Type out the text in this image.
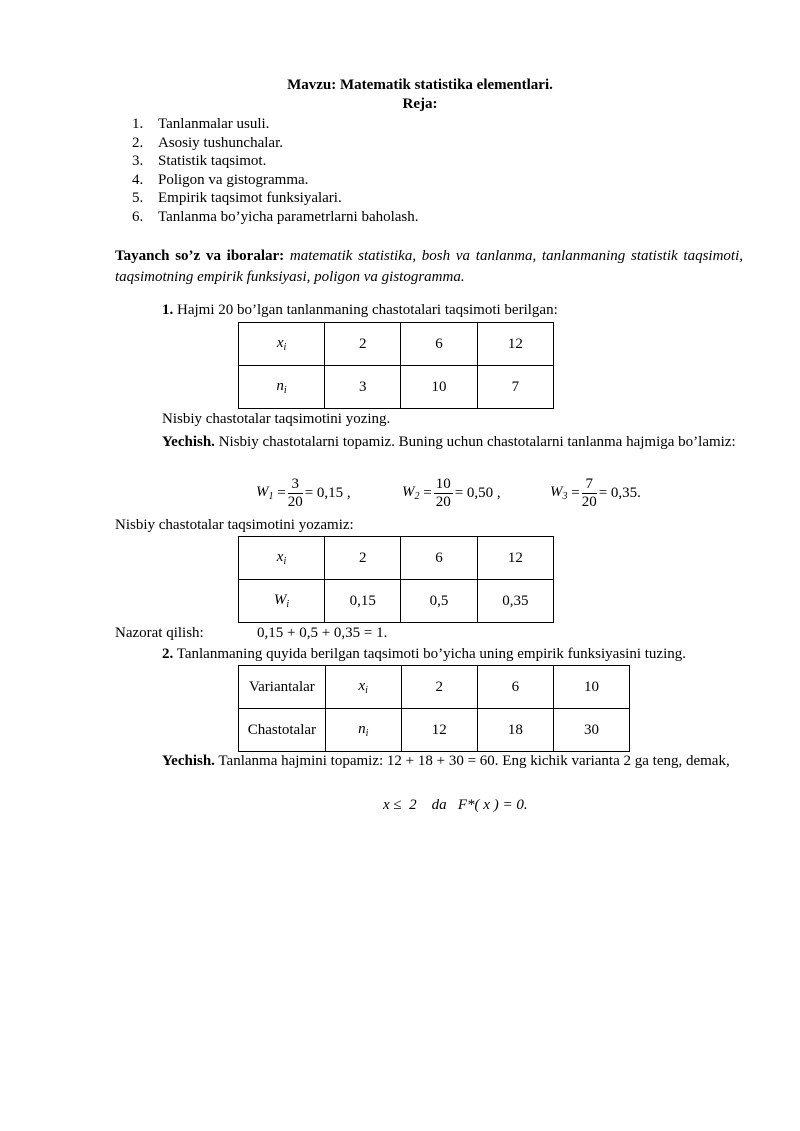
Mavzu: Matematik statistika elementlari.
Reja:
1. Tanlanmalar usuli.
2. Asosiy tushunchalar.
3. Statistik taqsimot.
4. Poligon va gistogramma.
5. Empirik taqsimot funksiyalari.
6. Tanlanma bo’yicha parametrlarni baholash.
Tayanch so’z va iboralar: matematik statistika, bosh va tanlanma, tanlanmaning statistik taqsimoti, taqsimotning empirik funksiyasi, poligon va gistogramma.
1. Hajmi 20 bo’lgan tanlanmaning chastotalari taqsimoti berilgan:
$x_i$	2	6	12
$n_i$	3	10	7
Nisbiy chastotalar taqsimotini yozing.
Yechish. Nisbiy chastotalarni topamiz. Buning uchun chastotalarni tanlanma hajmiga bo’lamiz:
$W_1 = \frac{3}{20} = 0,15$ ,	$W_2 = \frac{10}{20} = 0,50$ ,	$W_3 = \frac{7}{20} = 0,35$.
Nisbiy chastotalar taqsimotini yozamiz:
$x_i$	2	6	12
$W_i$	0,15	0,5	0,35
Nazorat qilish:	0,15 + 0,5 + 0,35 = 1.
2. Tanlanmaning quyida berilgan taqsimoti bo’yicha uning empirik funksiyasini tuzing.
Variantalar	$x_i$	2	6	10
Chastotalar	$n_i$	12	18	30
Yechish. Tanlanma hajmini topamiz: 12 + 18 + 30 = 60. Eng kichik varianta 2 ga teng, demak,
x ≤  2    da   F*( x ) = 0.
